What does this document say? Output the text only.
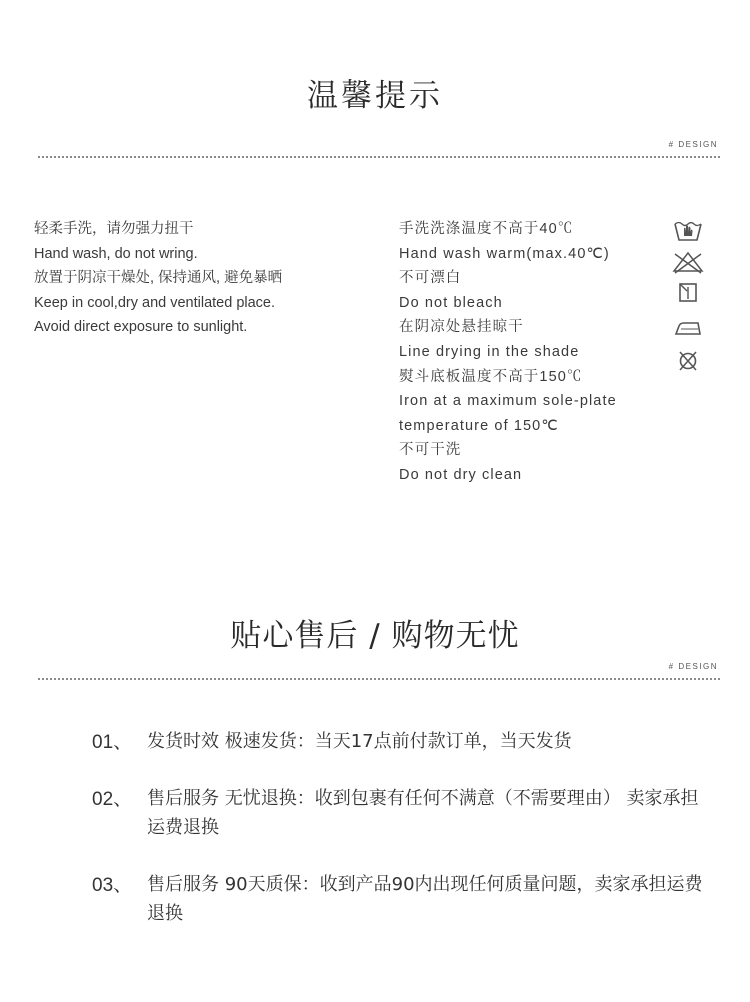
温馨提示
# DESIGN
轻柔手洗，请勿强力扭干
Hand wash, do not wring.
放置于阴凉干燥处, 保持通风, 避免暴晒
Keep in cool,dry and ventilated place.
Avoid direct exposure to sunlight.
手洗洗涤温度不高于40℃
Hand wash warm(max.40℃)
不可漂白
Do not bleach
在阴凉处悬挂晾干
Line drying in the shade
熨斗底板温度不高于150℃
Iron at a maximum sole-plate
temperature of 150℃
不可干洗
Do not dry clean
贴心售后 / 购物无忧
# DESIGN
01、 发货时效 极速发货：当天17点前付款订单，当天发货
02、 售后服务 无忧退换：收到包裹有任何不满意（不需要理由） 卖家承担运费退换
03、 售后服务 90天质保：收到产品90内出现任何质量问题，卖家承担运费退换
